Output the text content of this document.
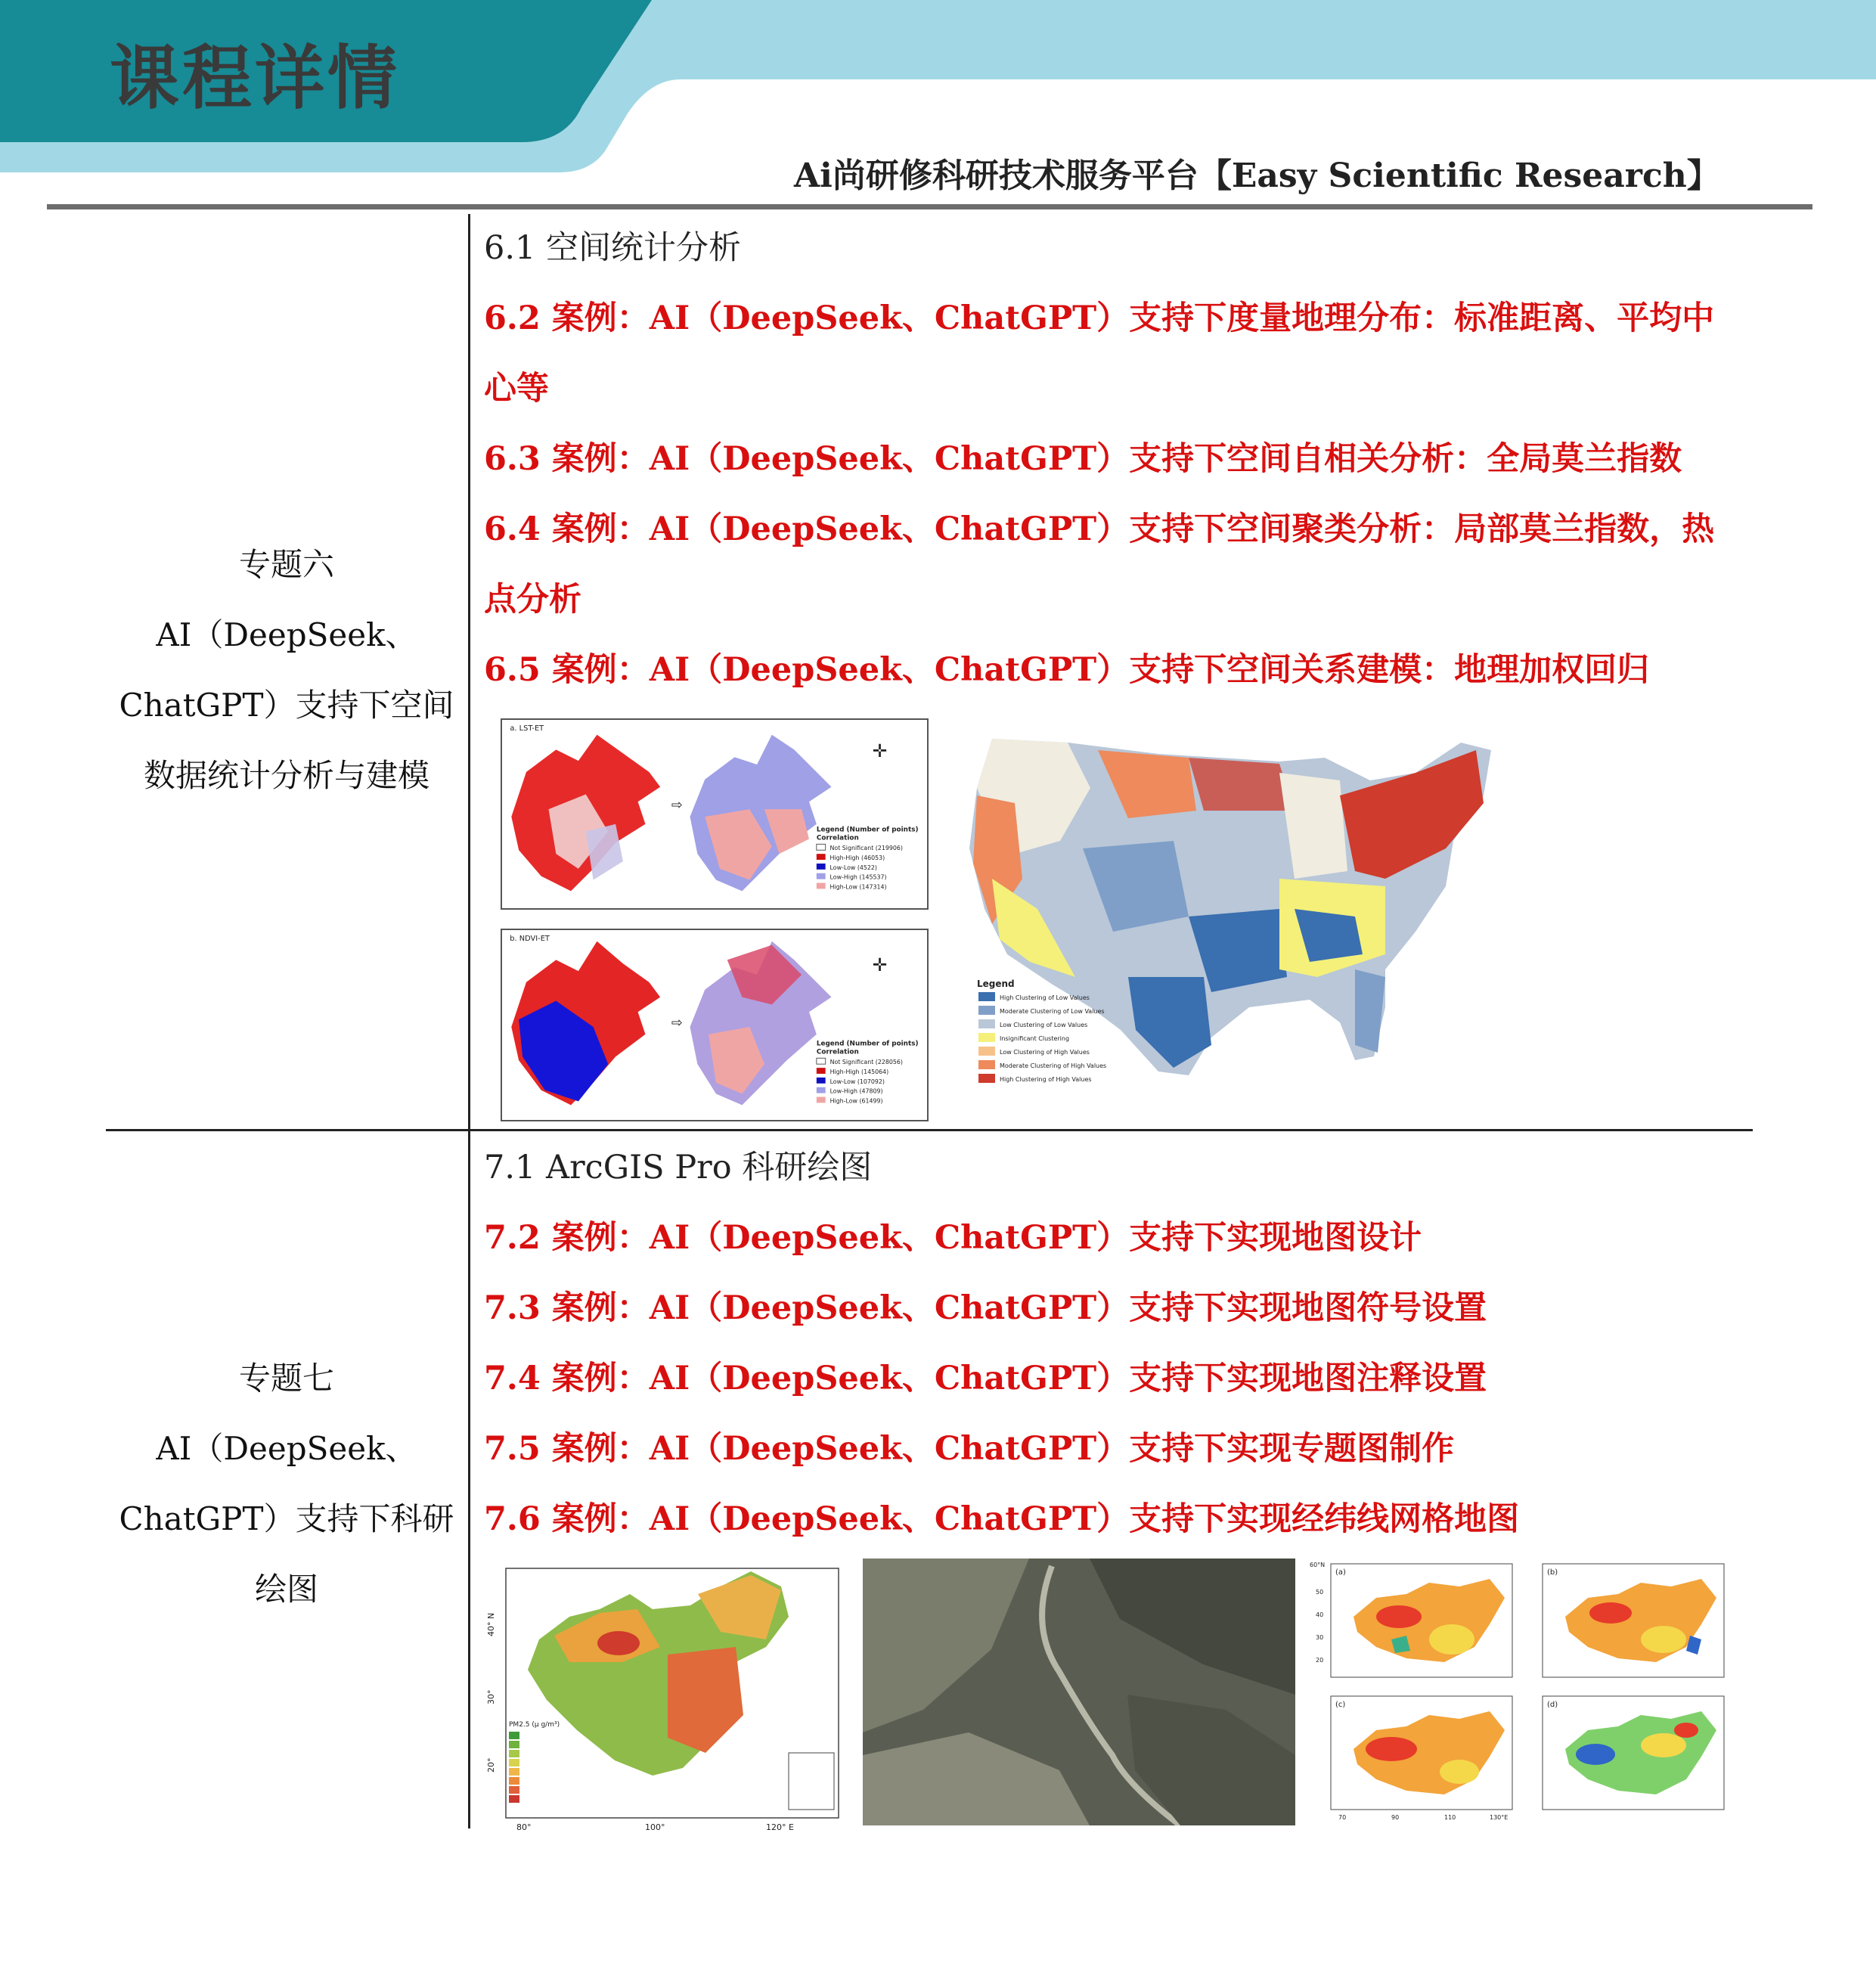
课程详情
Ai尚研修科研技术服务平台【Easy Scientific Research】
专题六
AI（DeepSeek、
ChatGPT）支持下空间
数据统计分析与建模
6.1 空间统计分析
6.2 案例：AI（DeepSeek、ChatGPT）支持下度量地理分布：标准距离、平均中
心等
6.3 案例：AI（DeepSeek、ChatGPT）支持下空间自相关分析：全局莫兰指数
6.4 案例：AI（DeepSeek、ChatGPT）支持下空间聚类分析：局部莫兰指数，热
点分析
6.5 案例：AI（DeepSeek、ChatGPT）支持下空间关系建模：地理加权回归
a. LST-ET
⇨
✛
Legend (Number of points)
Correlation
Not Significant (219906)
High-High (46053)
Low-Low (4522)
Low-High (145537)
High-Low (147314)
b. NDVI-ET
⇨
✛
Legend (Number of points)
Correlation
Not Significant (228056)
High-High (145064)
Low-Low (107092)
Low-High (47809)
High-Low (61499)
Legend
High Clustering of Low Values
Moderate Clustering of Low Values
Low Clustering of Low Values
Insignificant Clustering
Low Clustering of High Values
Moderate Clustering of High Values
High Clustering of High Values
专题七
AI（DeepSeek、
ChatGPT）支持下科研
绘图
7.1 ArcGIS Pro 科研绘图
7.2 案例：AI（DeepSeek、ChatGPT）支持下实现地图设计
7.3 案例：AI（DeepSeek、ChatGPT）支持下实现地图符号设置
7.4 案例：AI（DeepSeek、ChatGPT）支持下实现地图注释设置
7.5 案例：AI（DeepSeek、ChatGPT）支持下实现专题图制作
7.6 案例：AI（DeepSeek、ChatGPT）支持下实现经纬线网格地图
40° N
30°
20°
80°	100°	120° E
PM2.5 (μ g/m³)
(a)	(b)
(c)	(d)
60°N
50
40
30
20
70	90	110	130°E
